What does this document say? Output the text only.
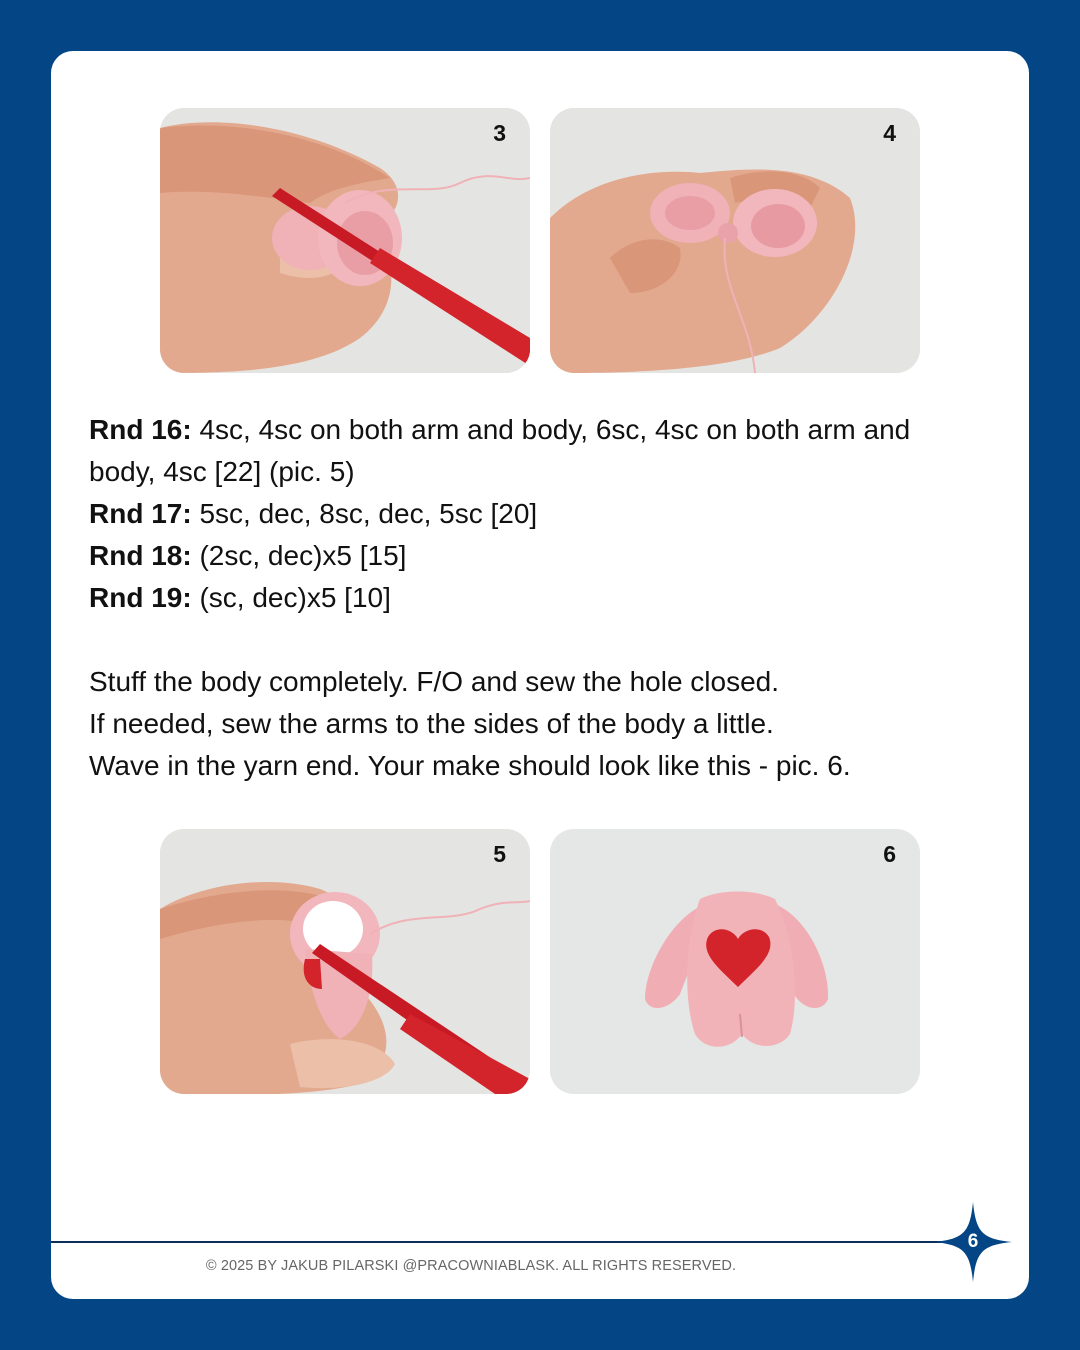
3	4

Rnd 16: 4sc, 4sc on both arm and body, 6sc, 4sc on both arm and body, 4sc [22] (pic. 5)

Rnd 17: 5sc, dec, 8sc, dec, 5sc [20]

Rnd 18: (2sc, dec)x5 [15]

Rnd 19: (sc, dec)x5 [10]

Stuff the body completely. F/O and sew the hole closed.

If needed, sew the arms to the sides of the body a little.

Wave in the yarn end. Your make should look like this - pic. 6.

5	6
© 2025 BY JAKUB PILARSKI @PRACOWNIABLASK. ALL RIGHTS RESERVED.
6
